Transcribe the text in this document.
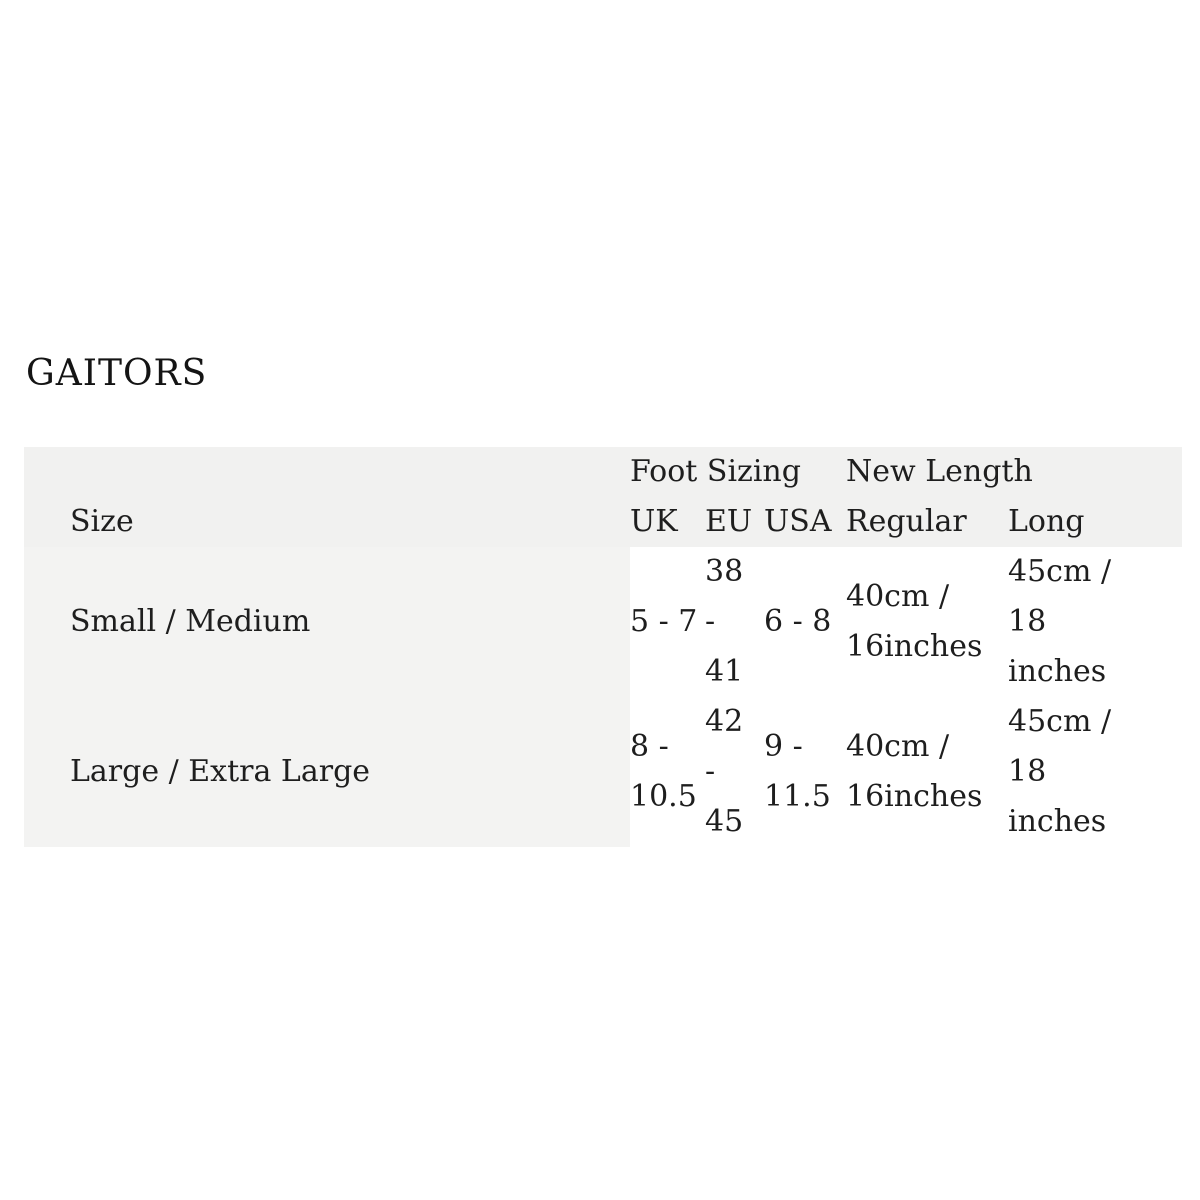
GAITORS
Foot Sizing New Length
Size	UK EU USA Regular Long
Small / Medium	5 - 7
38
-
41
6 - 8
40cm /
16inches
45cm /
18
inches
Large / Extra Large
8 -
10.5
42
-
45
9 -
11.5
40cm /
16inches
45cm /
18
inches
